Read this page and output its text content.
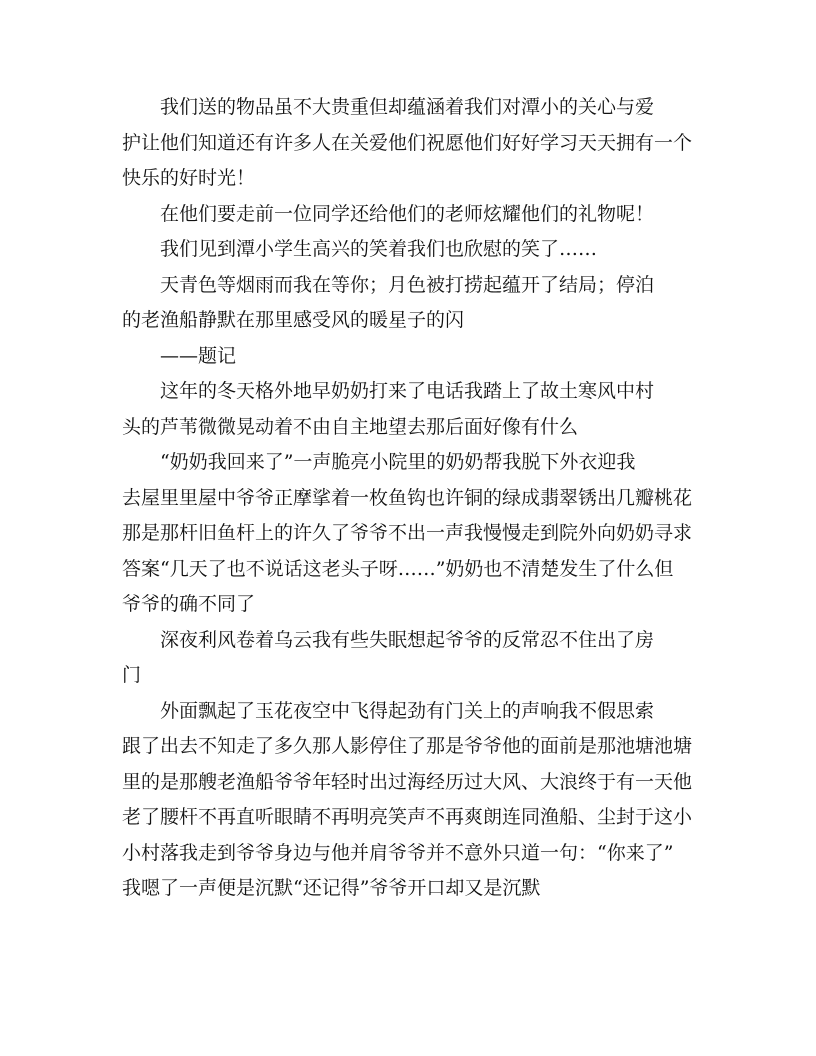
我们送的物品虽不大贵重但却蕴涵着我们对潭小的关心与爱
护让他们知道还有许多人在关爱他们祝愿他们好好学习天天拥有一个
快乐的好时光！
在他们要走前一位同学还给他们的老师炫耀他们的礼物呢！
我们见到潭小学生高兴的笑着我们也欣慰的笑了……
天青色等烟雨而我在等你；月色被打捞起蕴开了结局；停泊
的老渔船静默在那里感受风的暖星子的闪
——题记
这年的冬天格外地早奶奶打来了电话我踏上了故土寒风中村
头的芦苇微微晃动着不由自主地望去那后面好像有什么
“奶奶我回来了”一声脆亮小院里的奶奶帮我脱下外衣迎我
去屋里里屋中爷爷正摩挲着一枚鱼钩也许铜的绿成翡翠锈出几瓣桃花
那是那杆旧鱼杆上的许久了爷爷不出一声我慢慢走到院外向奶奶寻求
答案“几天了也不说话这老头子呀……”奶奶也不清楚发生了什么但
爷爷的确不同了
深夜利风卷着乌云我有些失眠想起爷爷的反常忍不住出了房
门
外面飘起了玉花夜空中飞得起劲有门关上的声响我不假思索
跟了出去不知走了多久那人影停住了那是爷爷他的面前是那池塘池塘
里的是那艘老渔船爷爷年轻时出过海经历过大风、大浪终于有一天他
老了腰杆不再直听眼睛不再明亮笑声不再爽朗连同渔船、尘封于这小
小村落我走到爷爷身边与他并肩爷爷并不意外只道一句：“你来了”
我嗯了一声便是沉默“还记得”爷爷开口却又是沉默
